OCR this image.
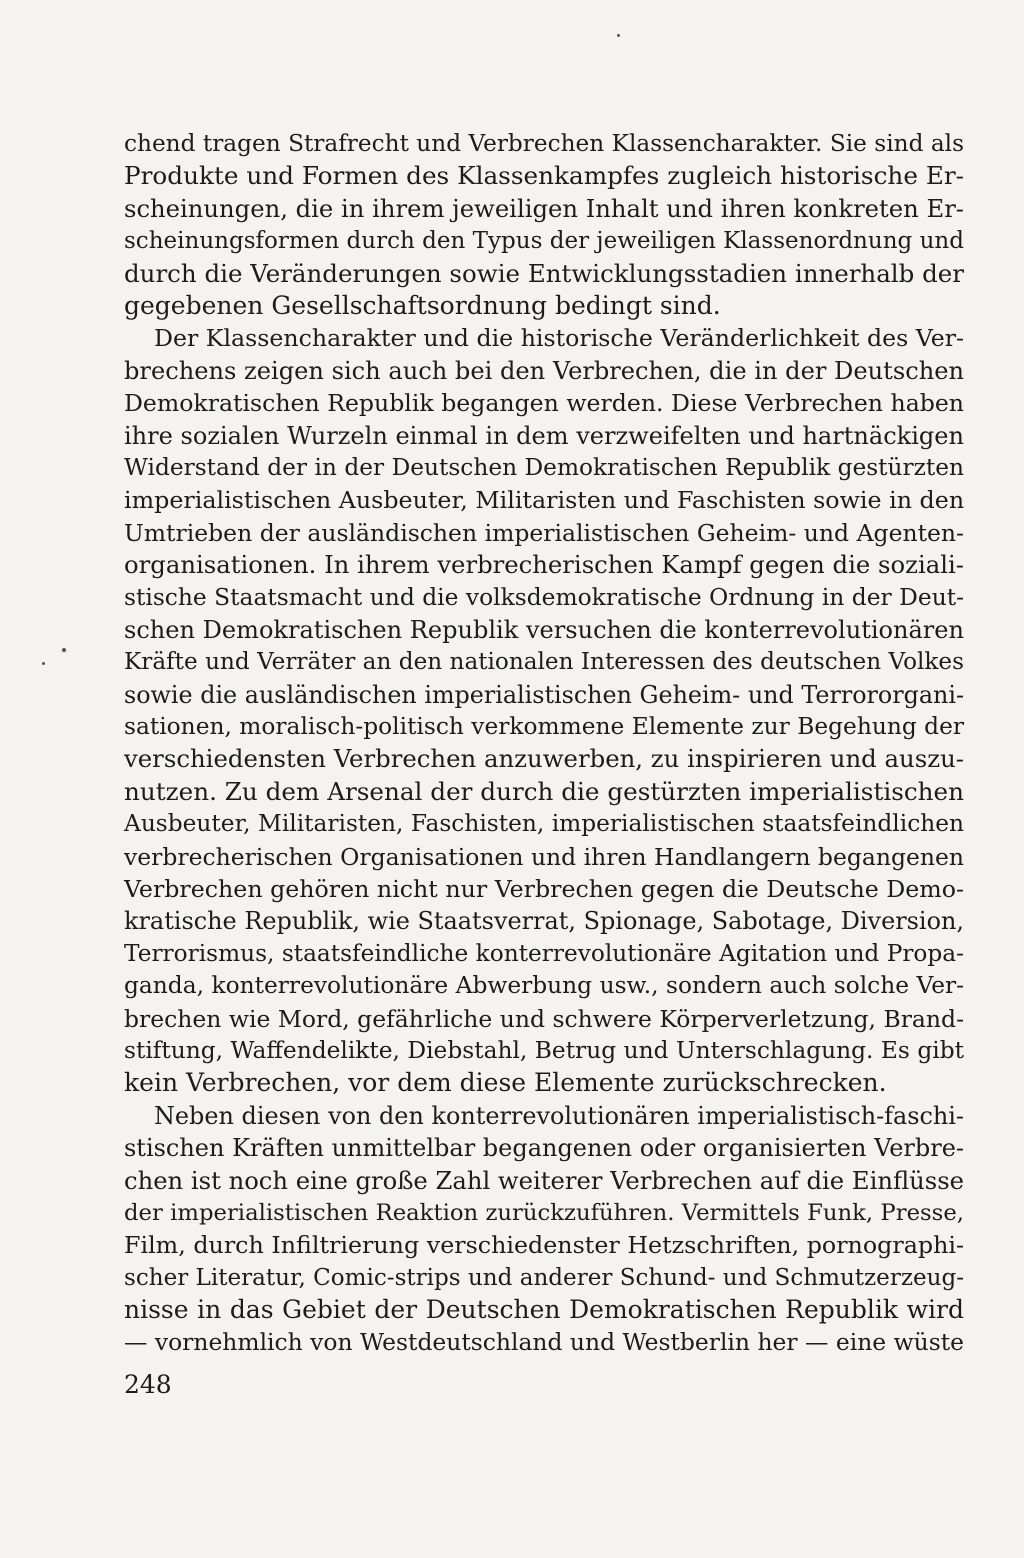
chend tragen Strafrecht und Verbrechen Klassencharakter. Sie sind als
Produkte und Formen des Klassenkampfes zugleich historische Er-
scheinungen, die in ihrem jeweiligen Inhalt und ihren konkreten Er-
scheinungsformen durch den Typus der jeweiligen Klassenordnung und
durch die Veränderungen sowie Entwicklungsstadien innerhalb der
gegebenen Gesellschaftsordnung bedingt sind.
Der Klassencharakter und die historische Veränderlichkeit des Ver-
brechens zeigen sich auch bei den Verbrechen, die in der Deutschen
Demokratischen Republik begangen werden. Diese Verbrechen haben
ihre sozialen Wurzeln einmal in dem verzweifelten und hartnäckigen
Widerstand der in der Deutschen Demokratischen Republik gestürzten
imperialistischen Ausbeuter, Militaristen und Faschisten sowie in den
Umtrieben der ausländischen imperialistischen Geheim- und Agenten-
organisationen. In ihrem verbrecherischen Kampf gegen die soziali-
stische Staatsmacht und die volksdemokratische Ordnung in der Deut-
schen Demokratischen Republik versuchen die konterrevolutionären
Kräfte und Verräter an den nationalen Interessen des deutschen Volkes
sowie die ausländischen imperialistischen Geheim- und Terrororgani-
sationen, moralisch-politisch verkommene Elemente zur Begehung der
verschiedensten Verbrechen anzuwerben, zu inspirieren und auszu-
nutzen. Zu dem Arsenal der durch die gestürzten imperialistischen
Ausbeuter, Militaristen, Faschisten, imperialistischen staatsfeindlichen
verbrecherischen Organisationen und ihren Handlangern begangenen
Verbrechen gehören nicht nur Verbrechen gegen die Deutsche Demo-
kratische Republik, wie Staatsverrat, Spionage, Sabotage, Diversion,
Terrorismus, staatsfeindliche konterrevolutionäre Agitation und Propa-
ganda, konterrevolutionäre Abwerbung usw., sondern auch solche Ver-
brechen wie Mord, gefährliche und schwere Körperverletzung, Brand-
stiftung, Waffendelikte, Diebstahl, Betrug und Unterschlagung. Es gibt
kein Verbrechen, vor dem diese Elemente zurückschrecken.
Neben diesen von den konterrevolutionären imperialistisch-faschi-
stischen Kräften unmittelbar begangenen oder organisierten Verbre-
chen ist noch eine große Zahl weiterer Verbrechen auf die Einflüsse
der imperialistischen Reaktion zurückzuführen. Vermittels Funk, Presse,
Film, durch Infiltrierung verschiedenster Hetzschriften, pornographi-
scher Literatur, Comic-strips und anderer Schund- und Schmutzerzeug-
nisse in das Gebiet der Deutschen Demokratischen Republik wird
— vornehmlich von Westdeutschland und Westberlin her — eine wüste
248
